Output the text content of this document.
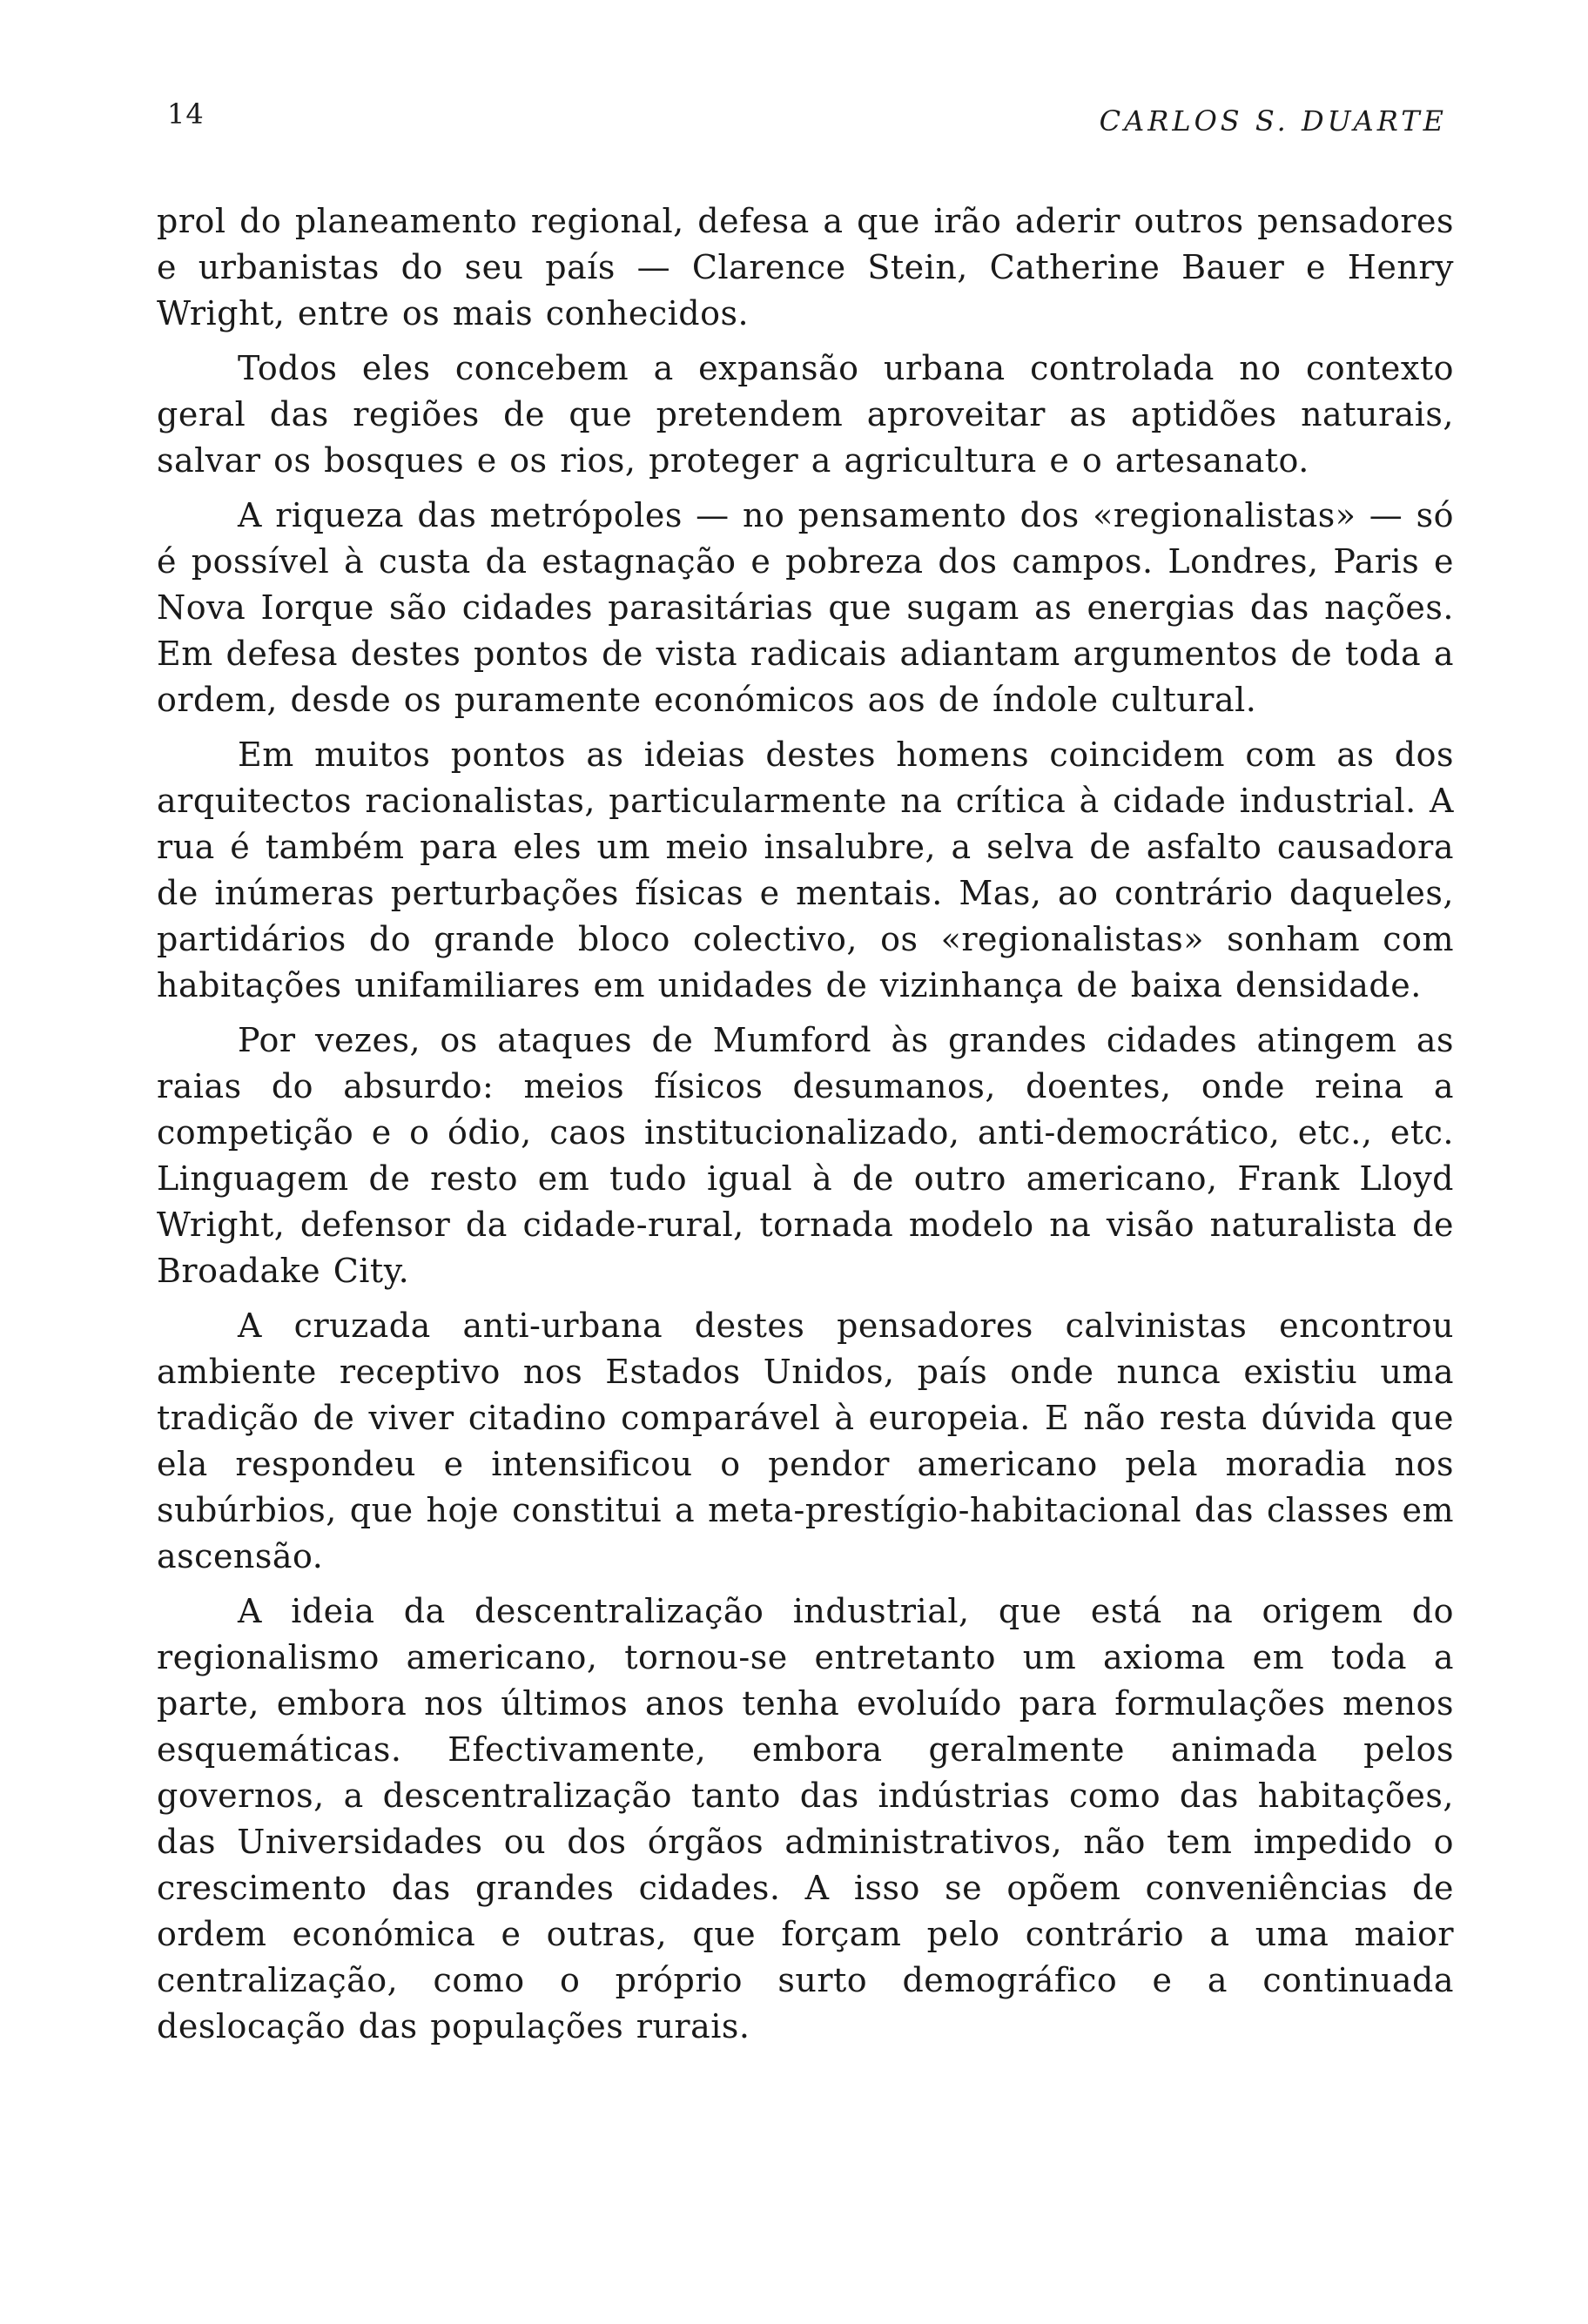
14	CARLOS S. DUARTE

prol do planeamento regional, defesa a que irão aderir outros pensadores e urbanistas do seu país — Clarence Stein, Catherine Bauer e Henry Wright, entre os mais conhecidos.

Todos eles concebem a expansão urbana controlada no contexto geral das regiões de que pretendem aproveitar as aptidões naturais, salvar os bosques e os rios, proteger a agricultura e o artesanato.

A riqueza das metrópoles — no pensamento dos «regionalistas» — só é possível à custa da estagnação e pobreza dos campos. Londres, Paris e Nova Iorque são cidades parasitárias que sugam as energias das nações. Em defesa destes pontos de vista radicais adiantam argumentos de toda a ordem, desde os puramente económicos aos de índole cultural.

Em muitos pontos as ideias destes homens coincidem com as dos arquitectos racionalistas, particularmente na crítica à cidade industrial. A rua é também para eles um meio insalubre, a selva de asfalto causadora de inúmeras perturbações físicas e mentais. Mas, ao contrário daqueles, partidários do grande bloco colectivo, os «regionalistas» sonham com habitações unifamiliares em unidades de vizinhança de baixa densidade.

Por vezes, os ataques de Mumford às grandes cidades atingem as raias do absurdo: meios físicos desumanos, doentes, onde reina a competição e o ódio, caos institucionalizado, anti-democrático, etc., etc. Linguagem de resto em tudo igual à de outro americano, Frank Lloyd Wright, defensor da cidade-rural, tornada modelo na visão naturalista de Broadake City.

A cruzada anti-urbana destes pensadores calvinistas encontrou ambiente receptivo nos Estados Unidos, país onde nunca existiu uma tradição de viver citadino comparável à europeia. E não resta dúvida que ela respondeu e intensificou o pendor americano pela moradia nos subúrbios, que hoje constitui a meta-prestígio-habitacional das classes em ascensão.

A ideia da descentralização industrial, que está na origem do regionalismo americano, tornou-se entretanto um axioma em toda a parte, embora nos últimos anos tenha evoluído para formulações menos esquemáticas. Efectivamente, embora geralmente animada pelos governos, a descentralização tanto das indústrias como das habitações, das Universidades ou dos órgãos administrativos, não tem impedido o crescimento das grandes cidades. A isso se opõem conveniências de ordem económica e outras, que forçam pelo contrário a uma maior centralização, como o próprio surto demográfico e a continuada deslocação das populações rurais.
